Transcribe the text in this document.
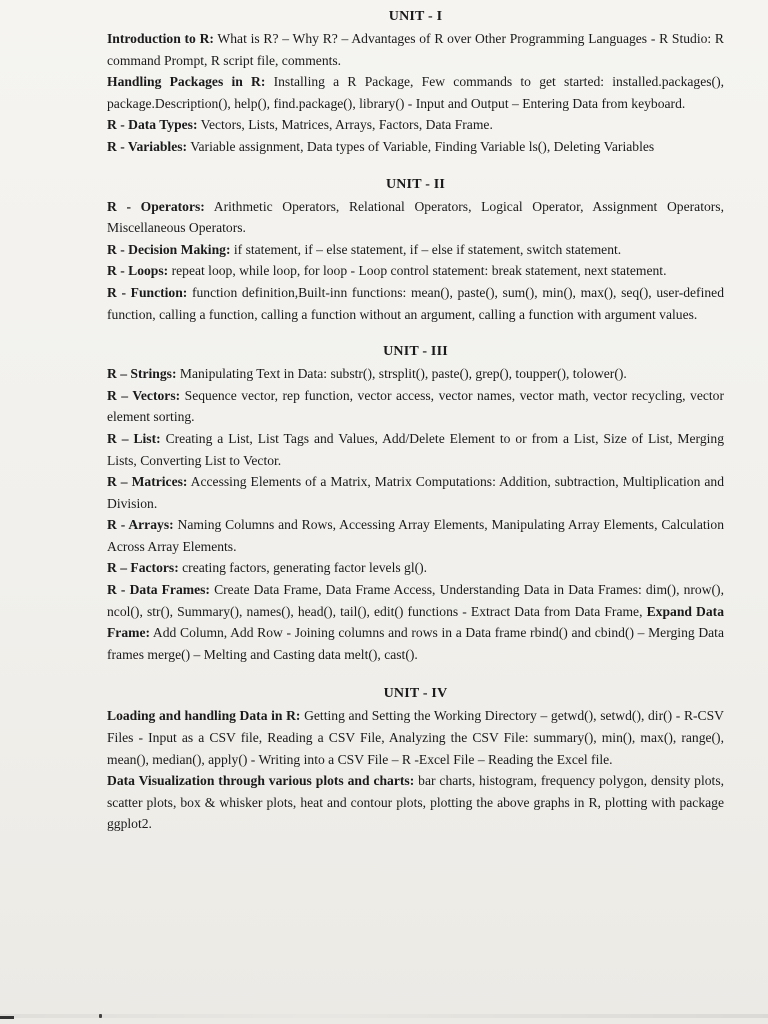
UNIT - I

Introduction to R: What is R? – Why R? – Advantages of R over Other Programming Languages - R Studio: R command Prompt, R script file, comments.

Handling Packages in R: Installing a R Package, Few commands to get started: installed.packages(), package.Description(), help(), find.package(), library() - Input and Output – Entering Data from keyboard.

R - Data Types: Vectors, Lists, Matrices, Arrays, Factors, Data Frame.

R - Variables: Variable assignment, Data types of Variable, Finding Variable ls(), Deleting Variables

UNIT - II

R - Operators: Arithmetic Operators, Relational Operators, Logical Operator, Assignment Operators, Miscellaneous Operators.

R - Decision Making: if statement, if – else statement, if – else if statement, switch statement.

R - Loops: repeat loop, while loop, for loop - Loop control statement: break statement, next statement.

R - Function: function definition,Built-inn functions: mean(), paste(), sum(), min(), max(), seq(), user-defined function, calling a function, calling a function without an argument, calling a function with argument values.

UNIT - III

R – Strings: Manipulating Text in Data: substr(), strsplit(), paste(), grep(), toupper(), tolower().

R – Vectors: Sequence vector, rep function, vector access, vector names, vector math, vector recycling, vector element sorting.

R – List: Creating a List, List Tags and Values, Add/Delete Element to or from a List, Size of List, Merging Lists, Converting List to Vector.

R – Matrices: Accessing Elements of a Matrix, Matrix Computations: Addition, subtraction, Multiplication and Division.

R - Arrays: Naming Columns and Rows, Accessing Array Elements, Manipulating Array Elements, Calculation Across Array Elements.

R – Factors: creating factors, generating factor levels gl().

R - Data Frames: Create Data Frame, Data Frame Access, Understanding Data in Data Frames: dim(), nrow(), ncol(), str(), Summary(), names(), head(), tail(), edit() functions - Extract Data from Data Frame, Expand Data Frame: Add Column, Add Row - Joining columns and rows in a Data frame rbind() and cbind() – Merging Data frames merge() – Melting and Casting data melt(), cast().

UNIT - IV

Loading and handling Data in R: Getting and Setting the Working Directory – getwd(), setwd(), dir() - R-CSV Files - Input as a CSV file, Reading a CSV File, Analyzing the CSV File: summary(), min(), max(), range(), mean(), median(), apply() - Writing into a CSV File – R -Excel File – Reading the Excel file.

Data Visualization through various plots and charts: bar charts, histogram, frequency polygon, density plots, scatter plots, box & whisker plots, heat and contour plots, plotting the above graphs in R, plotting with package ggplot2.
